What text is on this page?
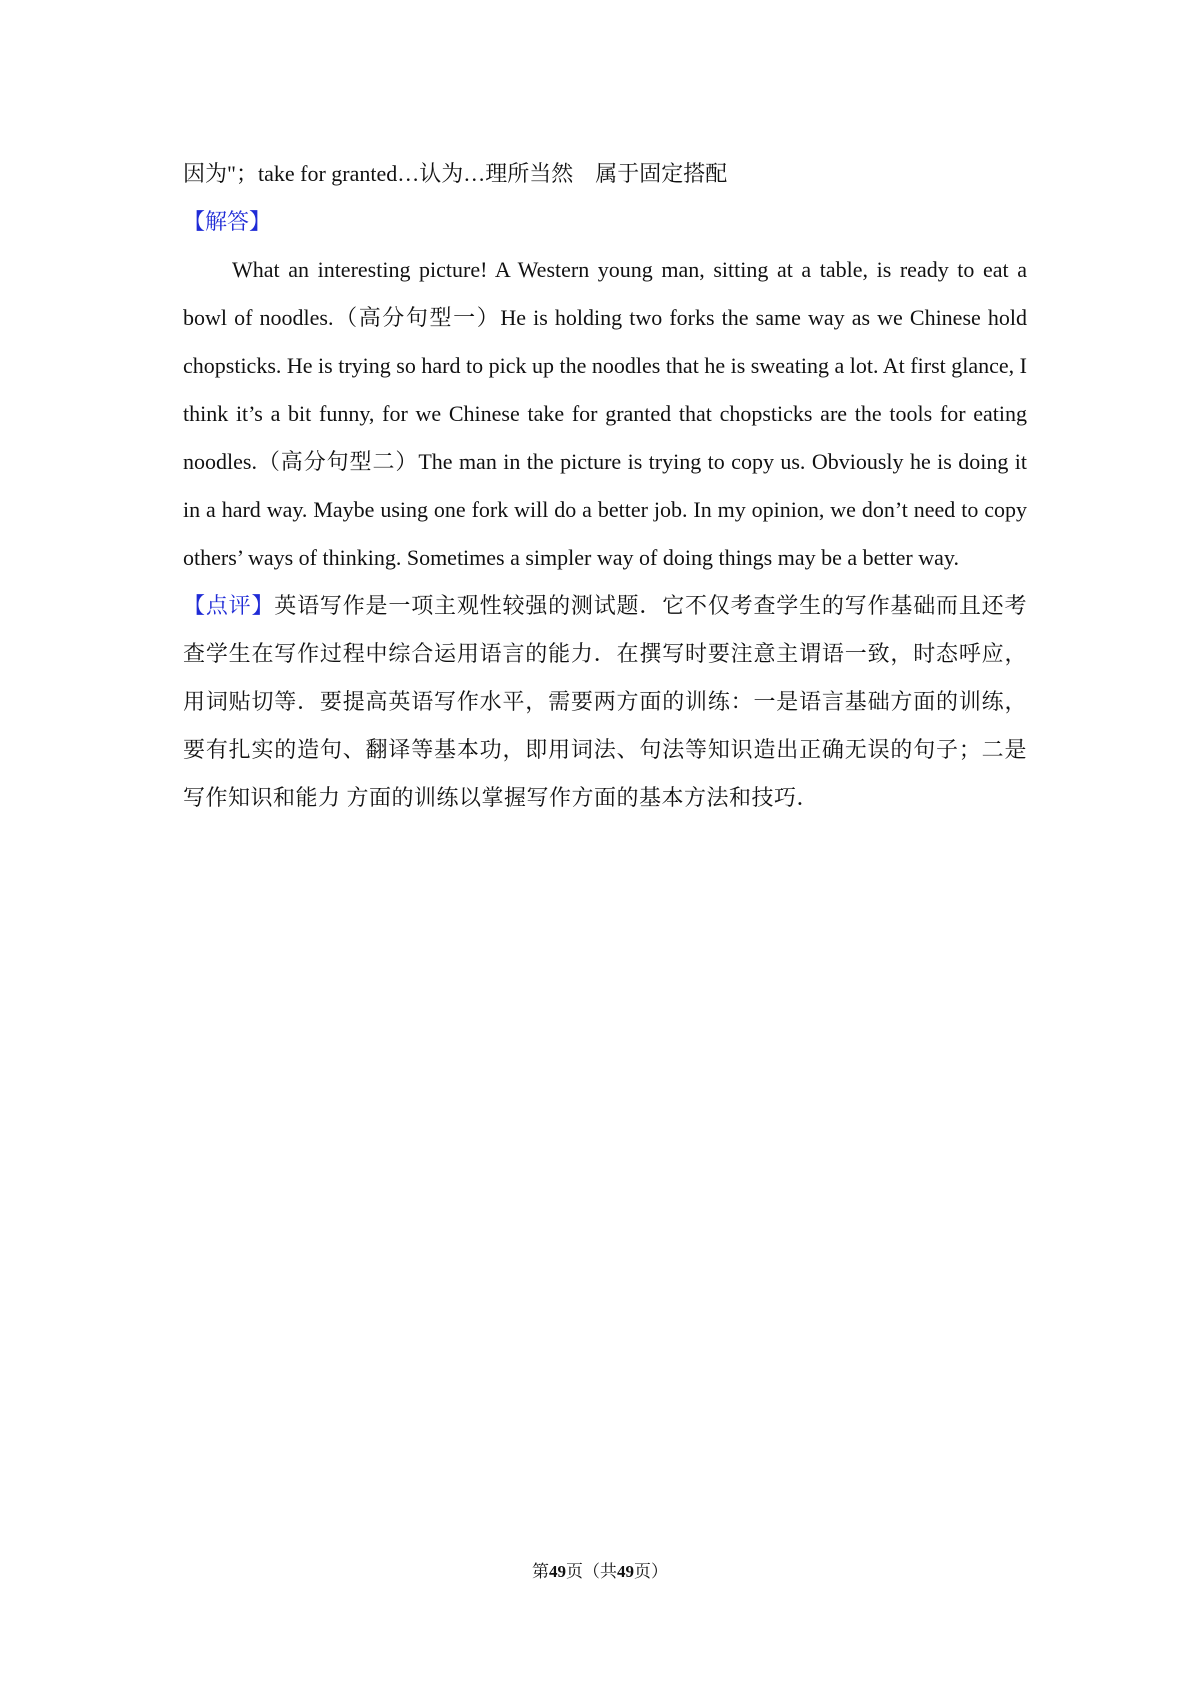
因为"；take for granted…认为…理所当然　属于固定搭配

【解答】

What an interesting picture! A Western young man, sitting at a table, is ready to eat a bowl of noodles.（高分句型一）He is holding two forks the same way as we Chinese hold chopsticks. He is trying so hard to pick up the noodles that he is sweating a lot. At first glance, I think it’s a bit funny, for we Chinese take for granted that chopsticks are the tools for eating noodles.（高分句型二）The man in the picture is trying to copy us. Obviously he is doing it in a hard way. Maybe using one fork will do a better job. In my opinion, we don’t need to copy others’ ways of thinking. Sometimes a simpler way of doing things may be a better way.

【点评】英语写作是一项主观性较强的测试题．它不仅考查学生的写作基础而且还考查学生在写作过程中综合运用语言的能力．在撰写时要注意主谓语一致，时态呼应，用词贴切等．要提高英语写作水平，需要两方面的训练：一是语言基础方面的训练，要有扎实的造句、翻译等基本功，即用词法、句法等知识造出正确无误的句子；二是写作知识和能力 方面的训练以掌握写作方面的基本方法和技巧．

第49页（共49页）
